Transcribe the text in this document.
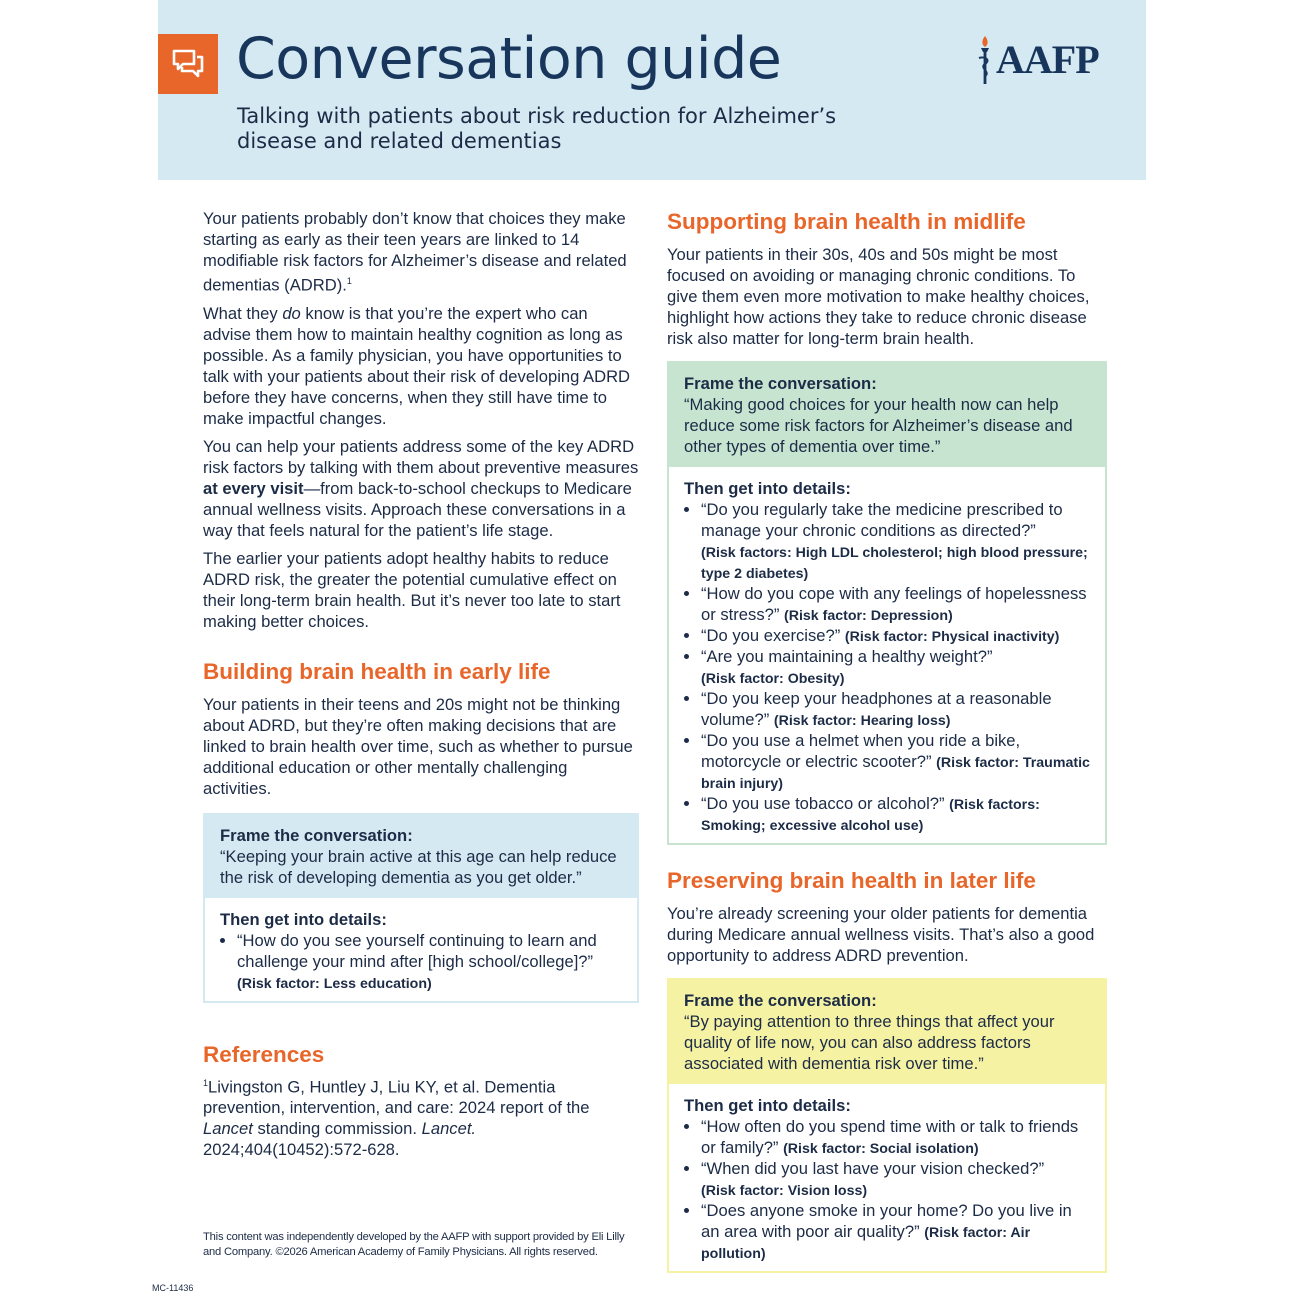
Conversation guide
Talking with patients about risk reduction for Alzheimer’s disease and related dementias
AAFP

Your patients probably don’t know that choices they make starting as early as their teen years are linked to 14 modifiable risk factors for Alzheimer’s disease and related dementias (ADRD).$^1$

What they do know is that you’re the expert who can advise them how to maintain healthy cognition as long as possible. As a family physician, you have opportunities to talk with your patients about their risk of developing ADRD before they have concerns, when they still have time to make impactful changes.

You can help your patients address some of the key ADRD risk factors by talking with them about preventive measures at every visit—from back-to-school checkups to Medicare annual wellness visits. Approach these conversations in a way that feels natural for the patient’s life stage.

The earlier your patients adopt healthy habits to reduce ADRD risk, the greater the potential cumulative effect on their long-term brain health. But it’s never too late to start making better choices.

Building brain health in early life

Your patients in their teens and 20s might not be thinking about ADRD, but they’re often making decisions that are linked to brain health over time, such as whether to pursue additional education or other mentally challenging activities.

Frame the conversation:
“Keeping your brain active at this age can help reduce the risk of developing dementia as you get older.”
Then get into details:
• “How do you see yourself continuing to learn and challenge your mind after [high school/college]?”
(Risk factor: Less education)
References

$^1$Livingston G, Huntley J, Liu KY, et al. Dementia prevention, intervention, and care: 2024 report of the Lancet standing commission. Lancet. 2024;404(10452):572-628.

This content was independently developed by the AAFP with support provided by Eli Lilly and Company. ©2026 American Academy of Family Physicians. All rights reserved.
MC-11436
Supporting brain health in midlife

Your patients in their 30s, 40s and 50s might be most focused on avoiding or managing chronic conditions. To give them even more motivation to make healthy choices, highlight how actions they take to reduce chronic disease risk also matter for long-term brain health.

Frame the conversation:
“Making good choices for your health now can help reduce some risk factors for Alzheimer’s disease and other types of dementia over time.”
Then get into details:
• “Do you regularly take the medicine prescribed to manage your chronic conditions as directed?”
(Risk factors: High LDL cholesterol; high blood pressure; type 2 diabetes)
• “How do you cope with any feelings of hopelessness or stress?” (Risk factor: Depression)
• “Do you exercise?” (Risk factor: Physical inactivity)
• “Are you maintaining a healthy weight?”
(Risk factor: Obesity)
• “Do you keep your headphones at a reasonable volume?” (Risk factor: Hearing loss)
• “Do you use a helmet when you ride a bike, motorcycle or electric scooter?” (Risk factor: Traumatic brain injury)
• “Do you use tobacco or alcohol?” (Risk factors: Smoking; excessive alcohol use)
Preserving brain health in later life

You’re already screening your older patients for dementia during Medicare annual wellness visits. That’s also a good opportunity to address ADRD prevention.

Frame the conversation:
“By paying attention to three things that affect your quality of life now, you can also address factors associated with dementia risk over time.”
Then get into details:
• “How often do you spend time with or talk to friends or family?” (Risk factor: Social isolation)
• “When did you last have your vision checked?”
(Risk factor: Vision loss)
• “Does anyone smoke in your home? Do you live in an area with poor air quality?” (Risk factor: Air pollution)
